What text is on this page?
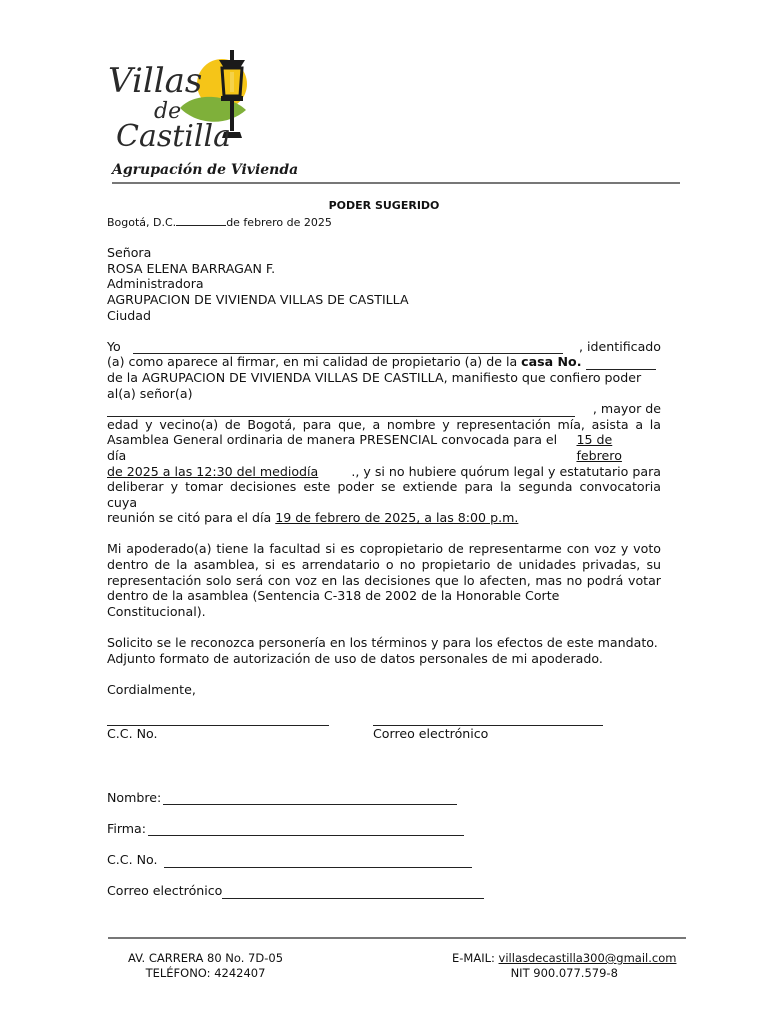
Villas
de
Castilla
Agrupación de Vivienda
PODER SUGERIDO
Bogotá, D.C.	de febrero de 2025
Señora
ROSA ELENA BARRAGAN F.
Administradora
AGRUPACION DE VIVIENDA VILLAS DE CASTILLA
Ciudad
Yo	, identificado
(a) como aparece al firmar, en mi calidad de propietario (a) de la casa No.
de la AGRUPACION DE VIVIENDA VILLAS DE CASTILLA, manifiesto que confiero poder
al(a) señor(a)
, mayor de
edad y vecino(a) de Bogotá, para que, a nombre y representación mía, asista a la
Asamblea General ordinaria de manera PRESENCIAL convocada para el día
15 de febrero
de 2025 a las 12:30 del mediodía	., y si no hubiere quórum legal y estatutario para
deliberar y tomar decisiones este poder se extiende para la segunda convocatoria cuya
reunión se citó para el día 19 de febrero de 2025, a las 8:00 p.m.
Mi apoderado(a) tiene la facultad si es copropietario de representarme con voz y voto
dentro de la asamblea, si es arrendatario o no propietario de unidades privadas, su
representación solo será con voz en las decisiones que lo afecten, mas no podrá votar
dentro de la asamblea (Sentencia C-318 de 2002 de la Honorable Corte Constitucional).
Solicito se le reconozca personería en los términos y para los efectos de este mandato.
Adjunto formato de autorización de uso de datos personales de mi apoderado.
Cordialmente,
C.C. No.	Correo electrónico
Nombre:
Firma:
C.C. No.
Correo electrónico
AV. CARRERA 80 No. 7D-05
TELÉFONO: 4242407
E-MAIL: villasdecastilla300@gmail.com
NIT 900.077.579-8
